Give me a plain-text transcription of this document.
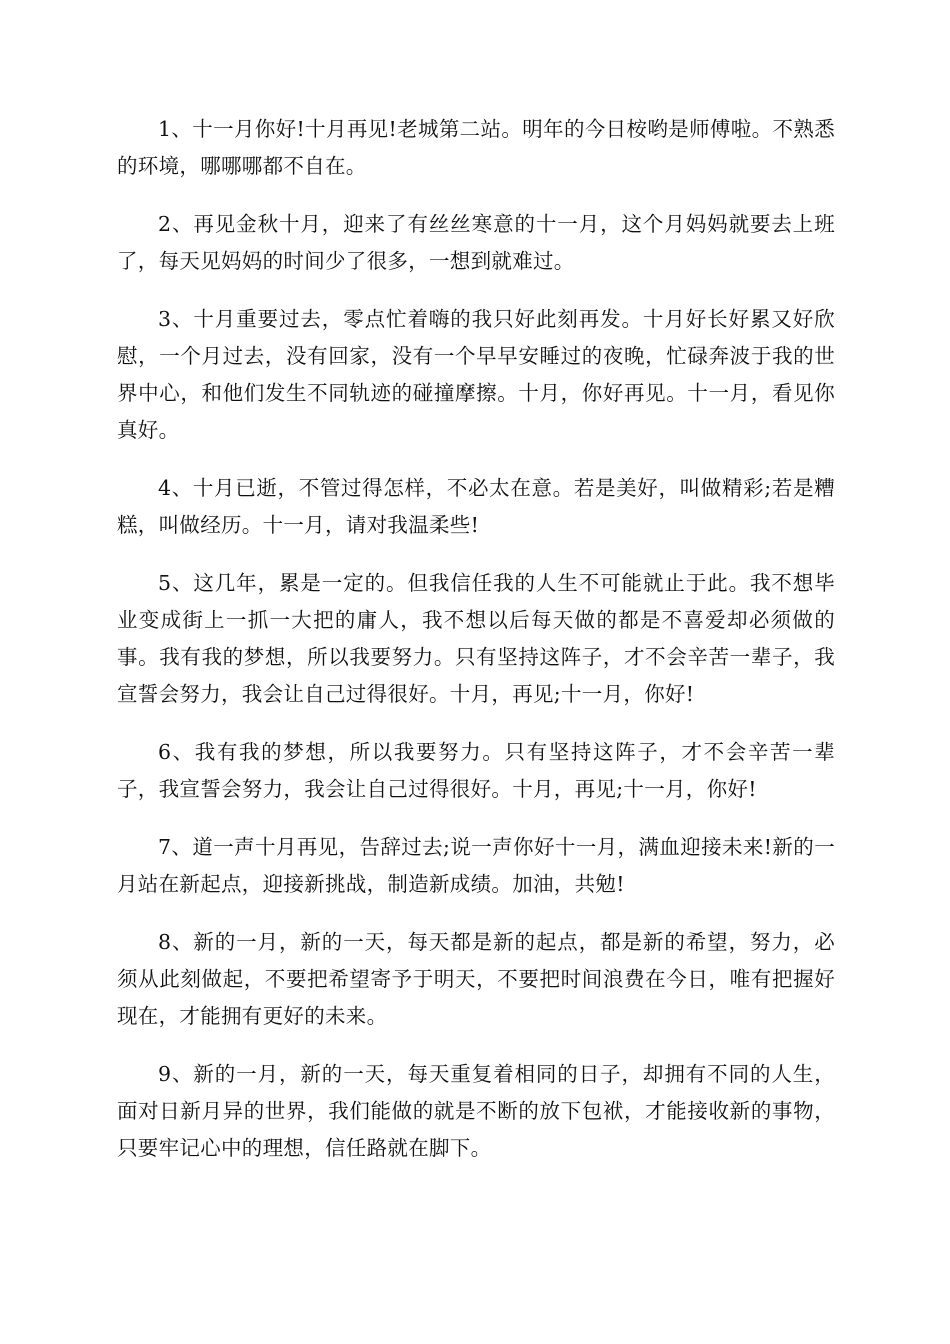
1、十一月你好!十月再见!老城第二站。明年的今日桉哟是师傅啦。不熟悉的环境，哪哪哪都不自在。

2、再见金秋十月，迎来了有丝丝寒意的十一月，这个月妈妈就要去上班了，每天见妈妈的时间少了很多，一想到就难过。

3、十月重要过去，零点忙着嗨的我只好此刻再发。十月好长好累又好欣慰，一个月过去，没有回家，没有一个早早安睡过的夜晚，忙碌奔波于我的世界中心，和他们发生不同轨迹的碰撞摩擦。十月，你好再见。十一月，看见你真好。

4、十月已逝，不管过得怎样，不必太在意。若是美好，叫做精彩;若是糟糕，叫做经历。十一月，请对我温柔些!

5、这几年，累是一定的。但我信任我的人生不可能就止于此。我不想毕业变成街上一抓一大把的庸人，我不想以后每天做的都是不喜爱却必须做的事。我有我的梦想，所以我要努力。只有坚持这阵子，才不会辛苦一辈子，我宣誓会努力，我会让自己过得很好。十月，再见;十一月，你好!

6、我有我的梦想，所以我要努力。只有坚持这阵子，才不会辛苦一辈子，我宣誓会努力，我会让自己过得很好。十月，再见;十一月，你好!

7、道一声十月再见，告辞过去;说一声你好十一月，满血迎接未来!新的一月站在新起点，迎接新挑战，制造新成绩。加油，共勉!

8、新的一月，新的一天，每天都是新的起点，都是新的希望，努力，必须从此刻做起，不要把希望寄予于明天，不要把时间浪费在今日，唯有把握好现在，才能拥有更好的未来。

9、新的一月，新的一天，每天重复着相同的日子，却拥有不同的人生，面对日新月异的世界，我们能做的就是不断的放下包袱，才能接收新的事物，只要牢记心中的理想，信任路就在脚下。
